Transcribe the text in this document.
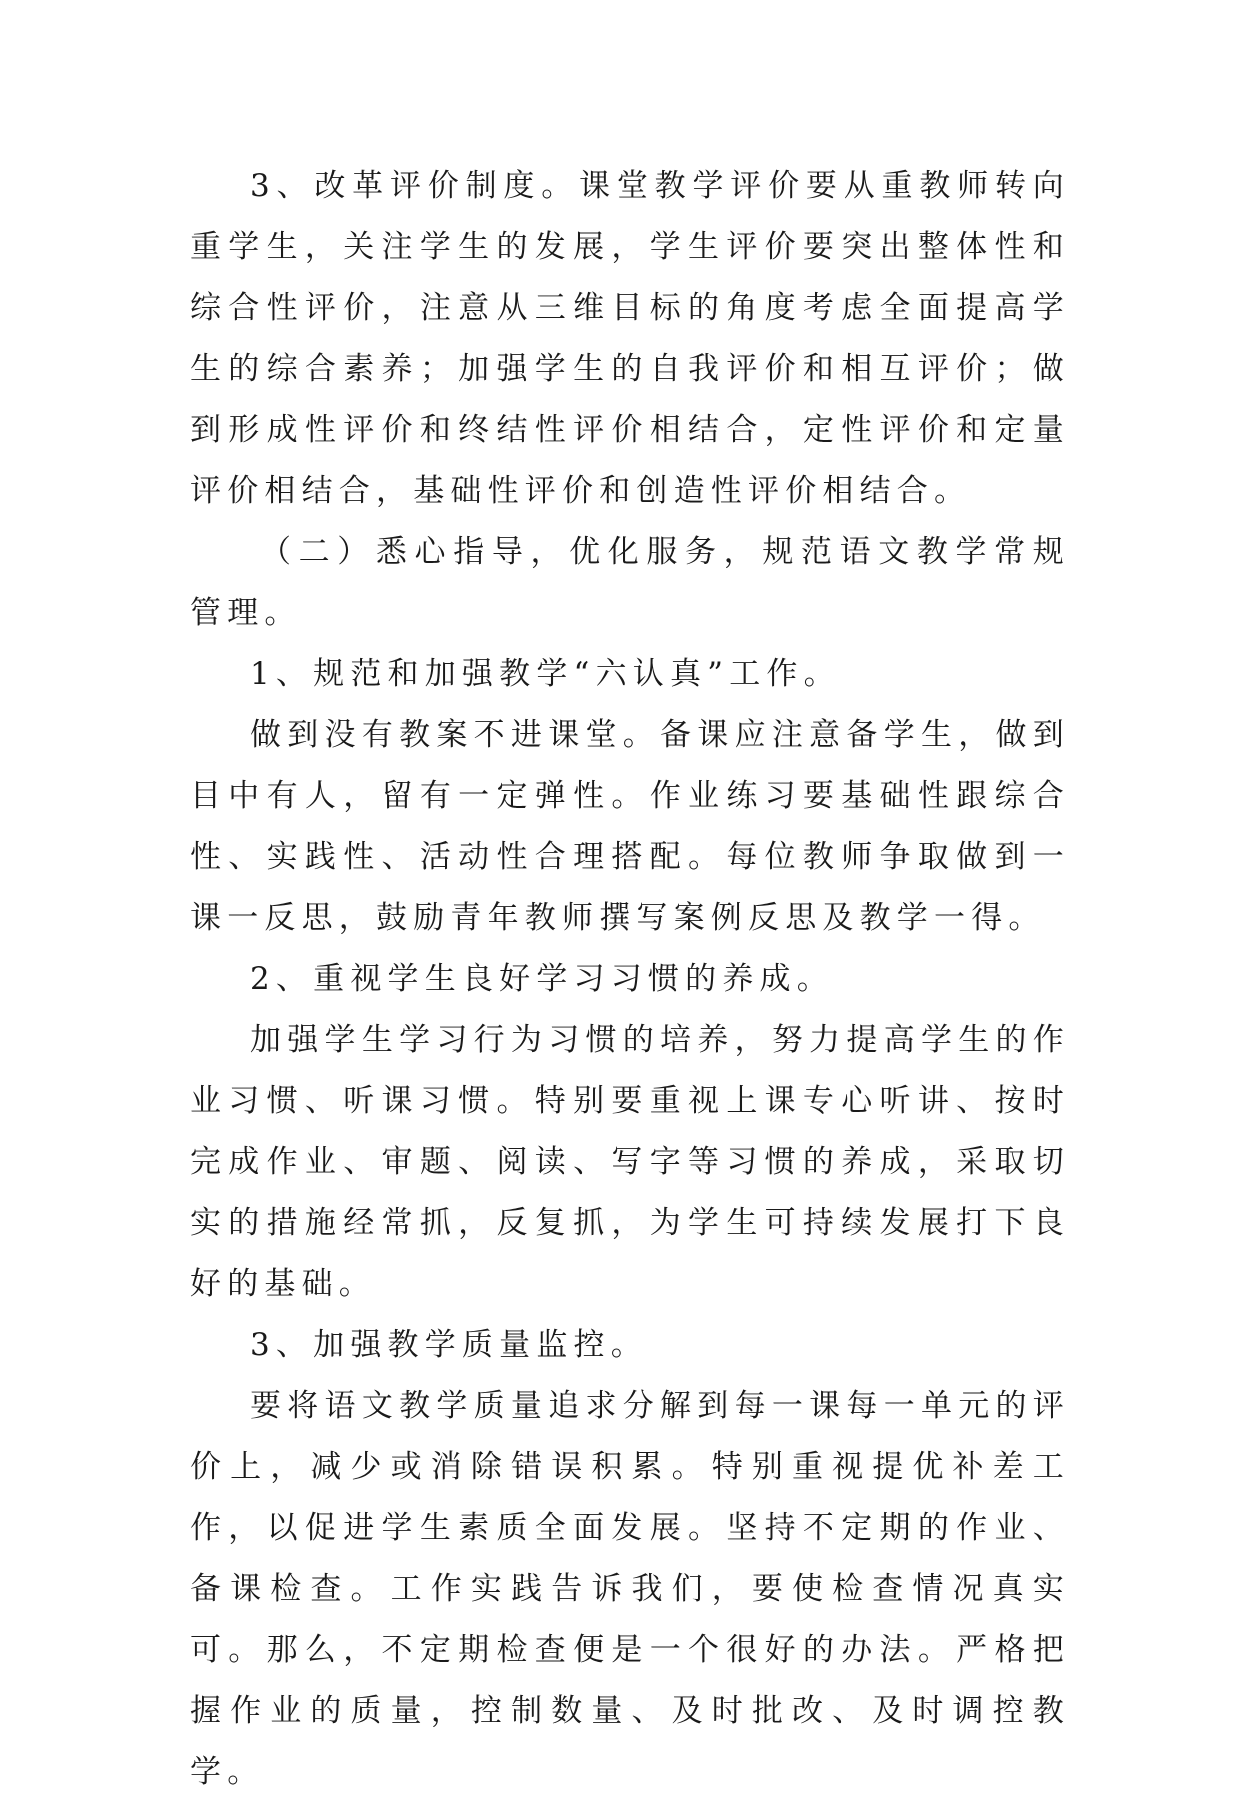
3、改革评价制度。课堂教学评价要从重教师转向重学生，关注学生的发展，学生评价要突出整体性和综合性评价，注意从三维目标的角度考虑全面提高学生的综合素养；加强学生的自我评价和相互评价；做到形成性评价和终结性评价相结合，定性评价和定量评价相结合，基础性评价和创造性评价相结合。

（二）悉心指导，优化服务，规范语文教学常规管理。

1、规范和加强教学“六认真”工作。

做到没有教案不进课堂。备课应注意备学生，做到目中有人，留有一定弹性。作业练习要基础性跟综合性、实践性、活动性合理搭配。每位教师争取做到一课一反思，鼓励青年教师撰写案例反思及教学一得。

2、重视学生良好学习习惯的养成。

加强学生学习行为习惯的培养，努力提高学生的作业习惯、听课习惯。特别要重视上课专心听讲、按时完成作业、审题、阅读、写字等习惯的养成，采取切实的措施经常抓，反复抓，为学生可持续发展打下良好的基础。

3、加强教学质量监控。

要将语文教学质量追求分解到每一课每一单元的评价上，减少或消除错误积累。特别重视提优补差工作，以促进学生素质全面发展。坚持不定期的作业、备课检查。工作实践告诉我们，要使检查情况真实可。那么，不定期检查便是一个很好的办法。严格把握作业的质量，控制数量、及时批改、及时调控教学。
